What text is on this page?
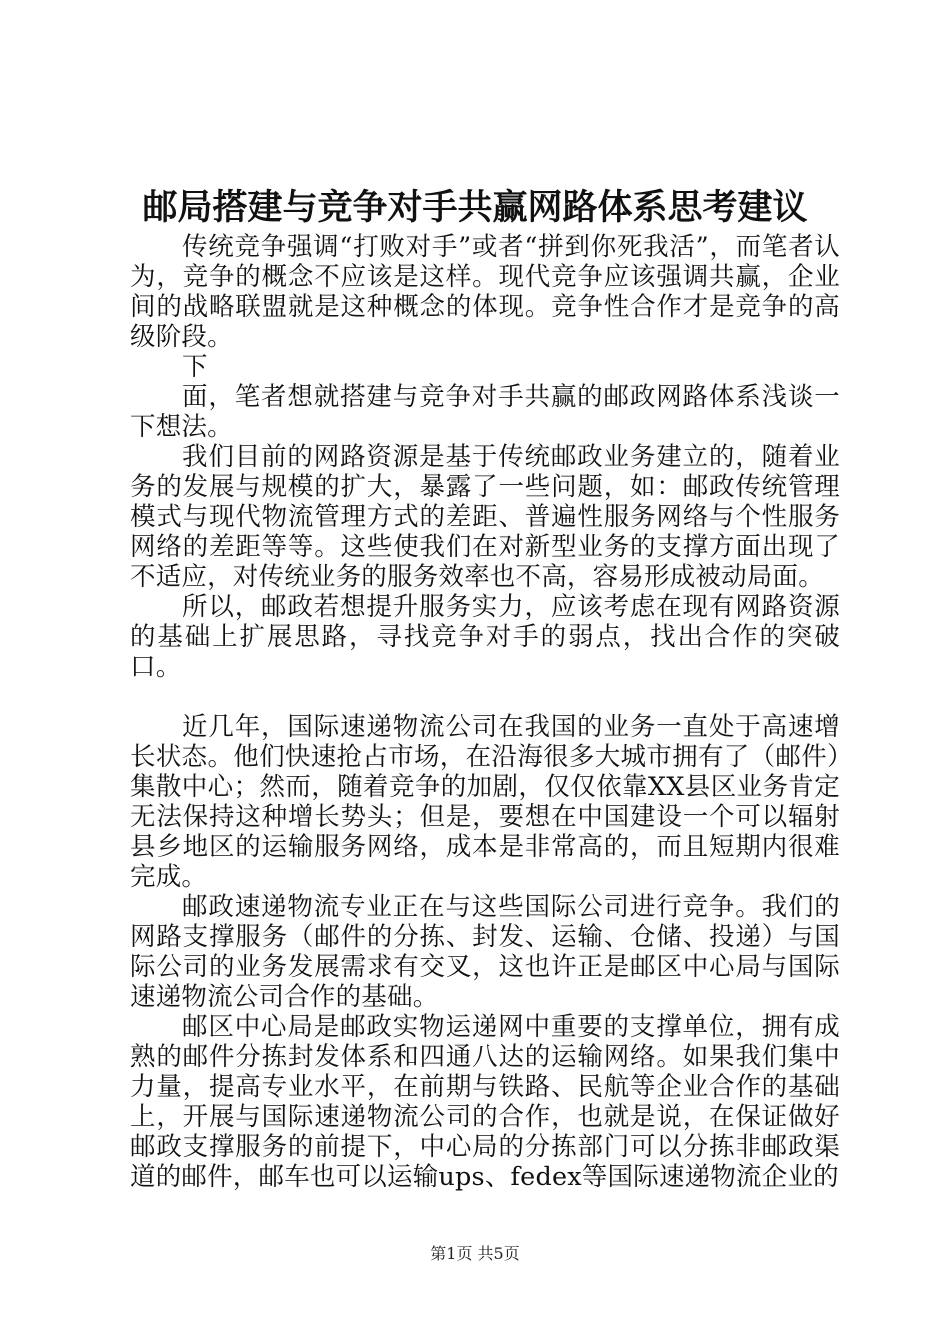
邮局搭建与竞争对手共赢网路体系思考建议

传统竞争强调“打败对手”或者“拼到你死我活”，而笔者认为，竞争的概念不应该是这样。现代竞争应该强调共赢，企业间的战略联盟就是这种概念的体现。竞争性合作才是竞争的高级阶段。

下

面，笔者想就搭建与竞争对手共赢的邮政网路体系浅谈一下想法。

我们目前的网路资源是基于传统邮政业务建立的，随着业务的发展与规模的扩大，暴露了一些问题，如：邮政传统管理模式与现代物流管理方式的差距、普遍性服务网络与个性服务网络的差距等等。这些使我们在对新型业务的支撑方面出现了不适应，对传统业务的服务效率也不高，容易形成被动局面。

所以，邮政若想提升服务实力，应该考虑在现有网路资源的基础上扩展思路，寻找竞争对手的弱点，找出合作的突破口。

近几年，国际速递物流公司在我国的业务一直处于高速增长状态。他们快速抢占市场，在沿海很多大城市拥有了（邮件）集散中心；然而，随着竞争的加剧，仅仅依靠XX县区业务肯定无法保持这种增长势头；但是，要想在中国建设一个可以辐射县乡地区的运输服务网络，成本是非常高的，而且短期内很难完成。

邮政速递物流专业正在与这些国际公司进行竞争。我们的网路支撑服务（邮件的分拣、封发、运输、仓储、投递）与国际公司的业务发展需求有交叉，这也许正是邮区中心局与国际速递物流公司合作的基础。

邮区中心局是邮政实物运递网中重要的支撑单位，拥有成熟的邮件分拣封发体系和四通八达的运输网络。如果我们集中力量，提高专业水平，在前期与铁路、民航等企业合作的基础上，开展与国际速递物流公司的合作，也就是说，在保证做好邮政支撑服务的前提下，中心局的分拣部门可以分拣非邮政渠道的邮件，邮车也可以运输ups、fedex等国际速递物流企业的

第1页 共5页
